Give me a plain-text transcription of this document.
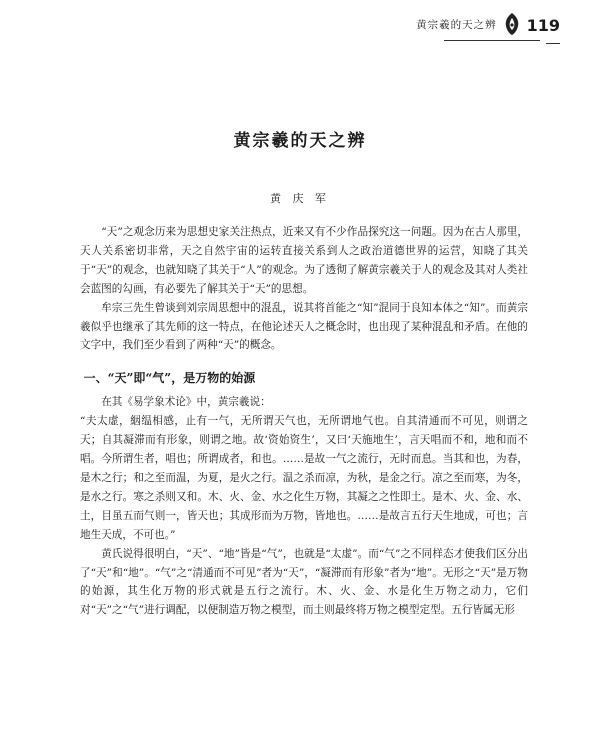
黄宗羲的天之辨 119
黄宗羲的天之辨
黄 庆 军

“天”之观念历来为思想史家关注热点，近来又有不少作品探究这一问题。因为在古人那里，天人关系密切非常，天之自然宇宙的运转直接关系到人之政治道德世界的运营，知晓了其关于“天”的观念，也就知晓了其关于“人”的观念。为了透彻了解黄宗羲关于人的观念及其对人类社会蓝图的勾画，有必要先了解其关于“天”的思想。

牟宗三先生曾谈到刘宗周思想中的混乱，说其将首能之“知”混同于良知本体之“知”。而黄宗羲似乎也继承了其先师的这一特点，在他论述天人之概念时，也出现了某种混乱和矛盾。在他的文字中，我们至少看到了两种“天”的概念。

一、“天”即“气”，是万物的始源

在其《易学象术论》中，黄宗羲说：

“夫太虚，絪缊相感，止有一气，无所谓天气也，无所谓地气也。自其清通而不可见，则谓之天；自其凝滞而有形象，则谓之地。故‘资始资生’，又曰‘天施地生’，言天唱而不和，地和而不唱。今所谓生者，唱也；所谓成者，和也。……是故一气之流行，无时而息。当其和也，为春，是木之行；和之至而温，为夏，是火之行。温之杀而凉，为秋，是金之行。凉之至而寒，为冬，是水之行。寒之杀则又和。木、火、金、水之化生万物，其凝之之性即土。是木、火、金、水、土，目虽五而气则一，皆天也；其成形而为万物，皆地也。……是故言五行天生地成，可也；言地生天成，不可也。”

黄氏说得很明白，“天”、“地”皆是“气”，也就是“太虚”。而“气”之不同样态才使我们区分出了“天”和“地”。“气”之“清通而不可见”者为“天”，“凝滞而有形象”者为“地”。无形之“天”是万物的始源，其生化万物的形式就是五行之流行。木、火、金、水是化生万物之动力，它们对“天”之“气”进行调配，以便制造万物之模型，而土则最终将万物之模型定型。五行皆属无形
